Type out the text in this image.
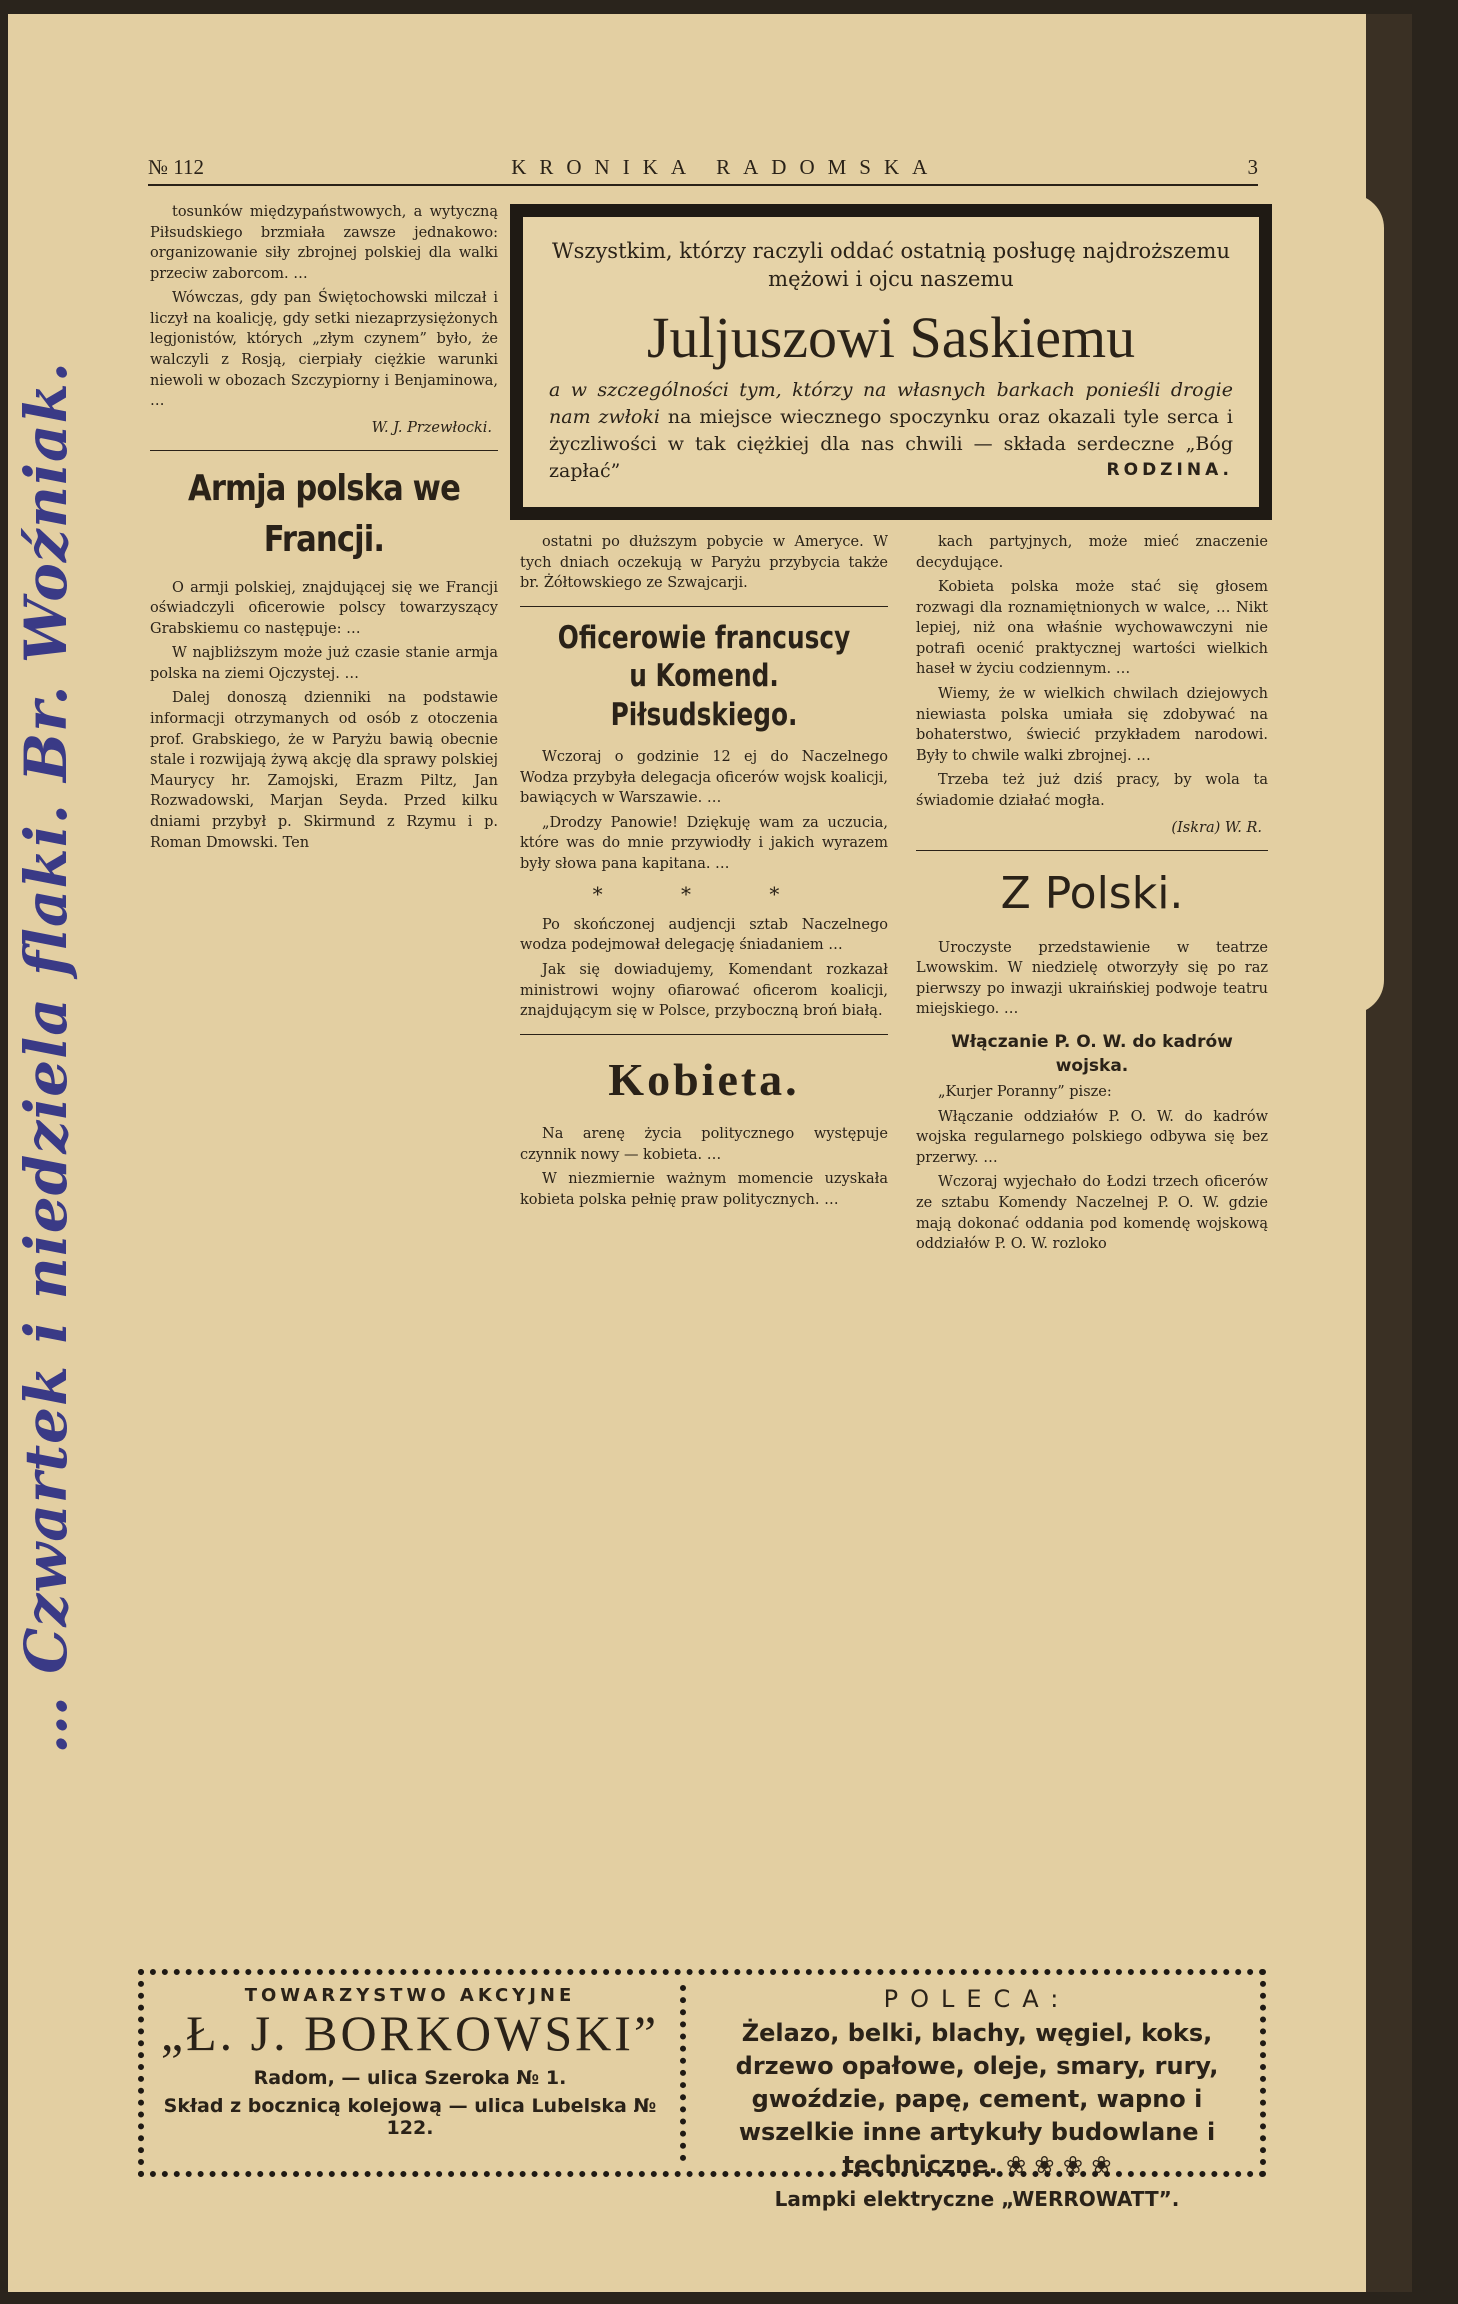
… Czwartek i niedziela flaki. Br. Woźniak.
№ 112	KRONIKA RADOMSKA	3

tosunków międzypaństwowych, a wytyczną Piłsudskiego brzmiała zawsze jednakowo: organizowanie siły zbrojnej polskiej dla walki przeciw zaborcom. …

Wówczas, gdy pan Świętochowski milczał i liczył na koalicję, gdy setki niezaprzysiężonych legjonistów, których „złym czynem” było, że walczyli z Rosją, cierpiały ciężkie warunki niewoli w obozach Szczypiorny i Benjaminowa, …

W. J. Przewłocki.
Armja polska we Francji.

O armji polskiej, znajdującej się we Francji oświadczyli oficerowie polscy towarzyszący Grabskiemu co następuje: …

W najbliższym może już czasie stanie armja polska na ziemi Ojczystej. …

Dalej donoszą dzienniki na podstawie informacji otrzymanych od osób z otoczenia prof. Grabskiego, że w Paryżu bawią obecnie stale i rozwijają żywą akcję dla sprawy polskiej Maurycy hr. Zamojski, Erazm Piltz, Jan Rozwadowski, Marjan Seyda. Przed kilku dniami przybył p. Skirmund z Rzymu i p. Roman Dmowski. Ten

Wszystkim, którzy raczyli oddać ostatnią posługę najdroższemu mężowi i ojcu naszemu
Juljuszowi Saskiemu
a w szczególności tym, którzy na własnych barkach ponieśli drogie nam zwłoki na miejsce wiecznego spoczynku oraz okazali tyle serca i życzliwości w tak ciężkiej dla nas chwili — składa serdeczne „Bóg zapłać”	RODZINA.

ostatni po dłuższym pobycie w Ameryce. W tych dniach oczekują w Paryżu przybycia także br. Żółtowskiego ze Szwajcarji.

Oficerowie francuscy u Komend. Piłsudskiego.

Wczoraj o godzinie 12 ej do Naczelnego Wodza przybyła delegacja oficerów wojsk koalicji, bawiących w Warszawie. …

„Drodzy Panowie! Dziękuję wam za uczucia, które was do mnie przywiodły i jakich wyrazem były słowa pana kapitana. …

* * *

Po skończonej audjencji sztab Naczelnego wodza podejmował delegację śniadaniem …

Jak się dowiadujemy, Komendant rozkazał ministrowi wojny ofiarować oficerom koalicji, znajdującym się w Polsce, przyboczną broń białą.

Kobieta.

Na arenę życia politycznego występuje czynnik nowy — kobieta. …

W niezmiernie ważnym momencie uzyskała kobieta polska pełnię praw politycznych. …

kach partyjnych, może mieć znaczenie decydujące.

Kobieta polska może stać się głosem rozwagi dla roznamiętnionych w walce, … Nikt lepiej, niż ona właśnie wychowawczyni nie potrafi ocenić praktycznej wartości wielkich haseł w życiu codziennym. …

Wiemy, że w wielkich chwilach dziejowych niewiasta polska umiała się zdobywać na bohaterstwo, świecić przykładem narodowi. Były to chwile walki zbrojnej. …

Trzeba też już dziś pracy, by wola ta świadomie działać mogła.

(Iskra) W. R.
Z Polski.

Uroczyste przedstawienie w teatrze Lwowskim. W niedzielę otworzyły się po raz pierwszy po inwazji ukraińskiej podwoje teatru miejskiego. …

Włączanie P. O. W. do kadrów wojska.

„Kurjer Poranny” pisze:

Włączanie oddziałów P. O. W. do kadrów wojska regularnego polskiego odbywa się bez przerwy. …

Wczoraj wyjechało do Łodzi trzech oficerów ze sztabu Komendy Naczelnej P. O. W. gdzie mają dokonać oddania pod komendę wojskową oddziałów P. O. W. rozloko

TOWARZYSTWO AKCYJNE
„Ł. J. BORKOWSKI”
Radom, — ulica Szeroka № 1.
Skład z bocznicą kolejową — ulica Lubelska № 122.
POLECA:
Żelazo, belki, blachy, węgiel, koks, drzewo opałowe, oleje, smary, rury, gwoździe, papę, cement, wapno i wszelkie inne artykuły budowlane i techniczne. ❀ ❀ ❀ ❀
Lampki elektryczne „WERROWATT”.
